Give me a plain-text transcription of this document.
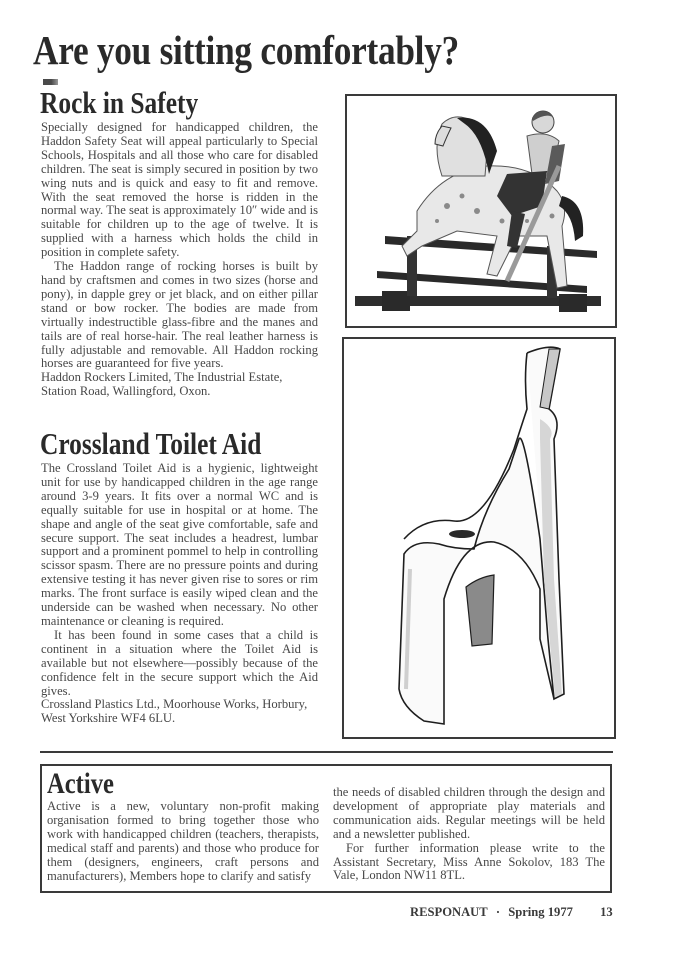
Are you sitting comfortably?
Rock in Safety

Specially designed for handicapped children, the Haddon Safety Seat will appeal particularly to Special Schools, Hospitals and all those who care for disabled children. The seat is simply secured in position by two wing nuts and is quick and easy to fit and remove. With the seat removed the horse is ridden in the normal way. The seat is approximately 10″ wide and is suitable for children up to the age of twelve. It is supplied with a harness which holds the child in position in complete safety.

The Haddon range of rocking horses is built by hand by craftsmen and comes in two sizes (horse and pony), in dapple grey or jet black, and on either pillar stand or bow rocker. The bodies are made from virtually indestructible glass-fibre and the manes and tails are of real horse-hair. The real leather harness is fully adjustable and removable. All Haddon rocking horses are guaranteed for five years.

Haddon Rockers Limited, The Industrial Estate,

Station Road, Wallingford, Oxon.

Crossland Toilet Aid

The Crossland Toilet Aid is a hygienic, lightweight unit for use by handicapped children in the age range around 3-9 years. It fits over a normal WC and is equally suitable for use in hospital or at home. The shape and angle of the seat give comfortable, safe and secure support. The seat includes a headrest, lumbar support and a prominent pommel to help in controlling scissor spasm. There are no pressure points and during extensive testing it has never given rise to sores or rim marks. The front surface is easily wiped clean and the underside can be washed when necessary. No other maintenance or cleaning is required.

It has been found in some cases that a child is continent in a situation where the Toilet Aid is available but not elsewhere—possibly because of the confidence felt in the secure support which the Aid gives.

Crossland Plastics Ltd., Moorhouse Works, Horbury,

West Yorkshire WF4 6LU.

Active

Active is a new, voluntary non-profit making organisation formed to bring together those who work with handicapped children (teachers, therapists, medical staff and parents) and those who produce for them (designers, engineers, craft persons and manufacturers), Members hope to clarify and satisfy

the needs of disabled children through the design and development of appropriate play materials and communication aids. Regular meetings will be held and a newsletter published.

For further information please write to the Assistant Secretary, Miss Anne Sokolov, 183 The Vale, London NW11 8TL.

RESPONAUT · Spring 1977 13
